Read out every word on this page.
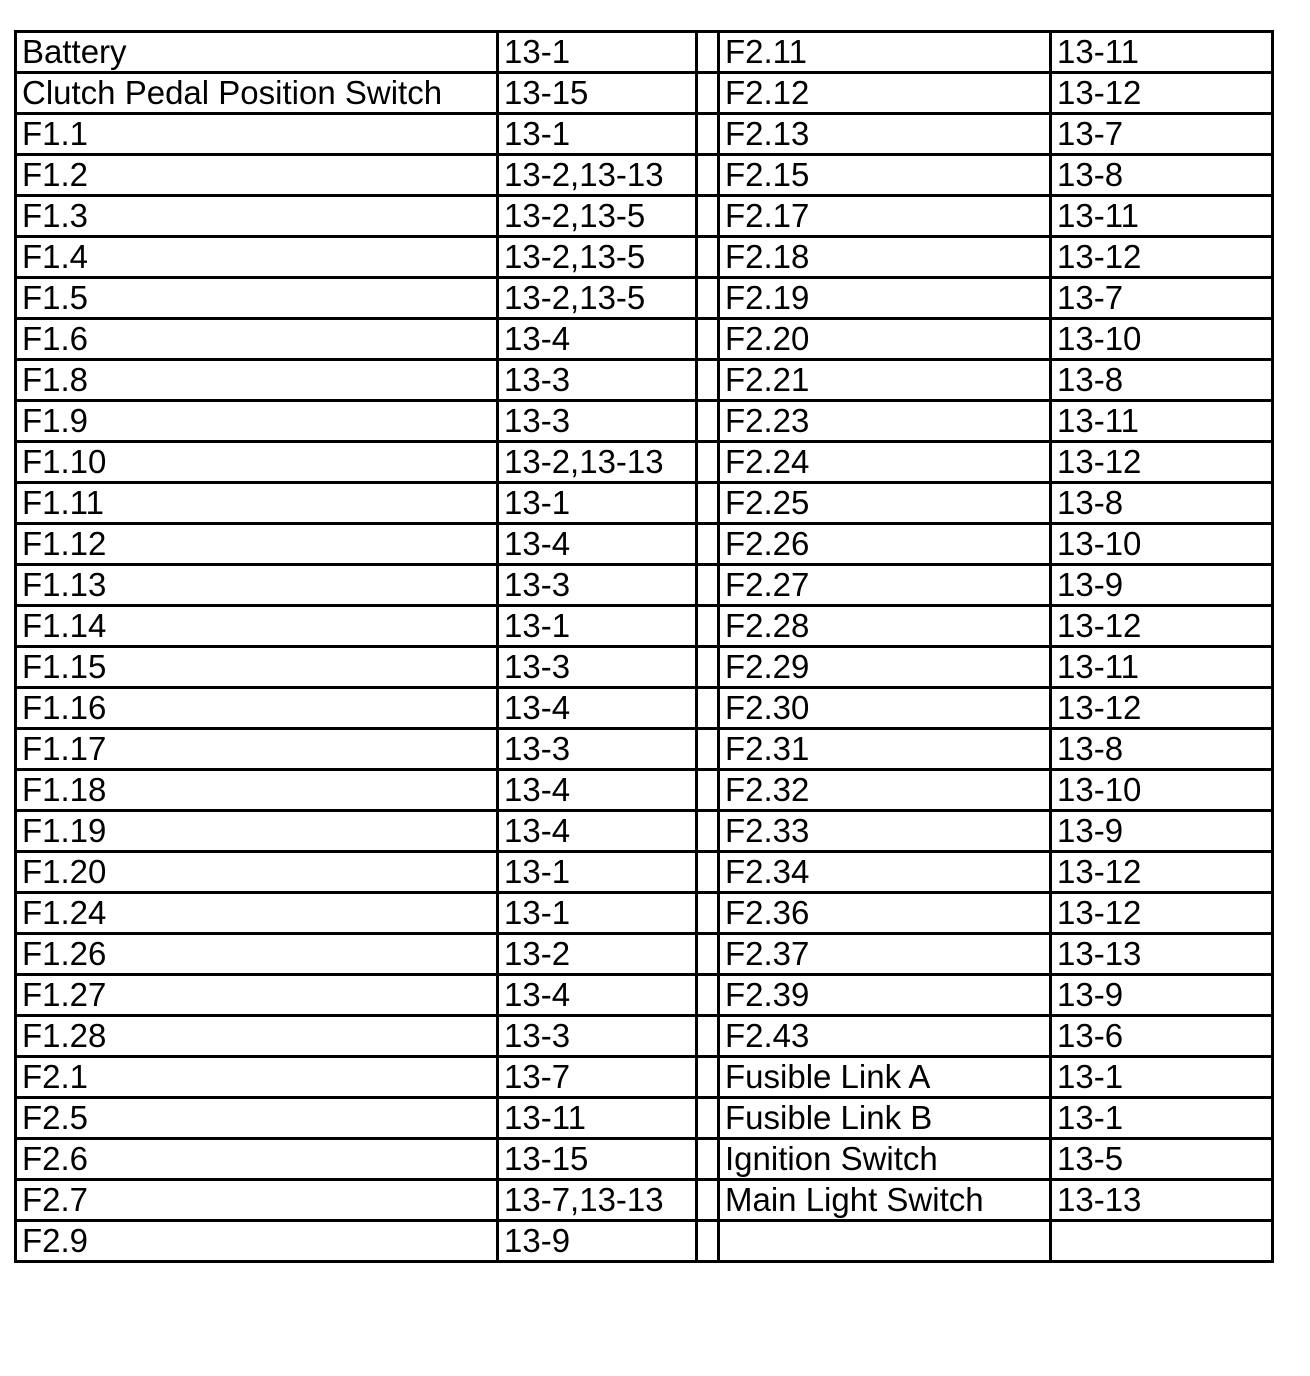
Battery	13-1		F2.11	13-11
Clutch Pedal Position Switch	13-15		F2.12	13-12
F1.1	13-1		F2.13	13-7
F1.2	13-2,13-13		F2.15	13-8
F1.3	13-2,13-5		F2.17	13-11
F1.4	13-2,13-5		F2.18	13-12
F1.5	13-2,13-5		F2.19	13-7
F1.6	13-4		F2.20	13-10
F1.8	13-3		F2.21	13-8
F1.9	13-3		F2.23	13-11
F1.10	13-2,13-13		F2.24	13-12
F1.11	13-1		F2.25	13-8
F1.12	13-4		F2.26	13-10
F1.13	13-3		F2.27	13-9
F1.14	13-1		F2.28	13-12
F1.15	13-3		F2.29	13-11
F1.16	13-4		F2.30	13-12
F1.17	13-3		F2.31	13-8
F1.18	13-4		F2.32	13-10
F1.19	13-4		F2.33	13-9
F1.20	13-1		F2.34	13-12
F1.24	13-1		F2.36	13-12
F1.26	13-2		F2.37	13-13
F1.27	13-4		F2.39	13-9
F1.28	13-3		F2.43	13-6
F2.1	13-7		Fusible Link A	13-1
F2.5	13-11		Fusible Link B	13-1
F2.6	13-15		Ignition Switch	13-5
F2.7	13-7,13-13		Main Light Switch	13-13
F2.9	13-9			
